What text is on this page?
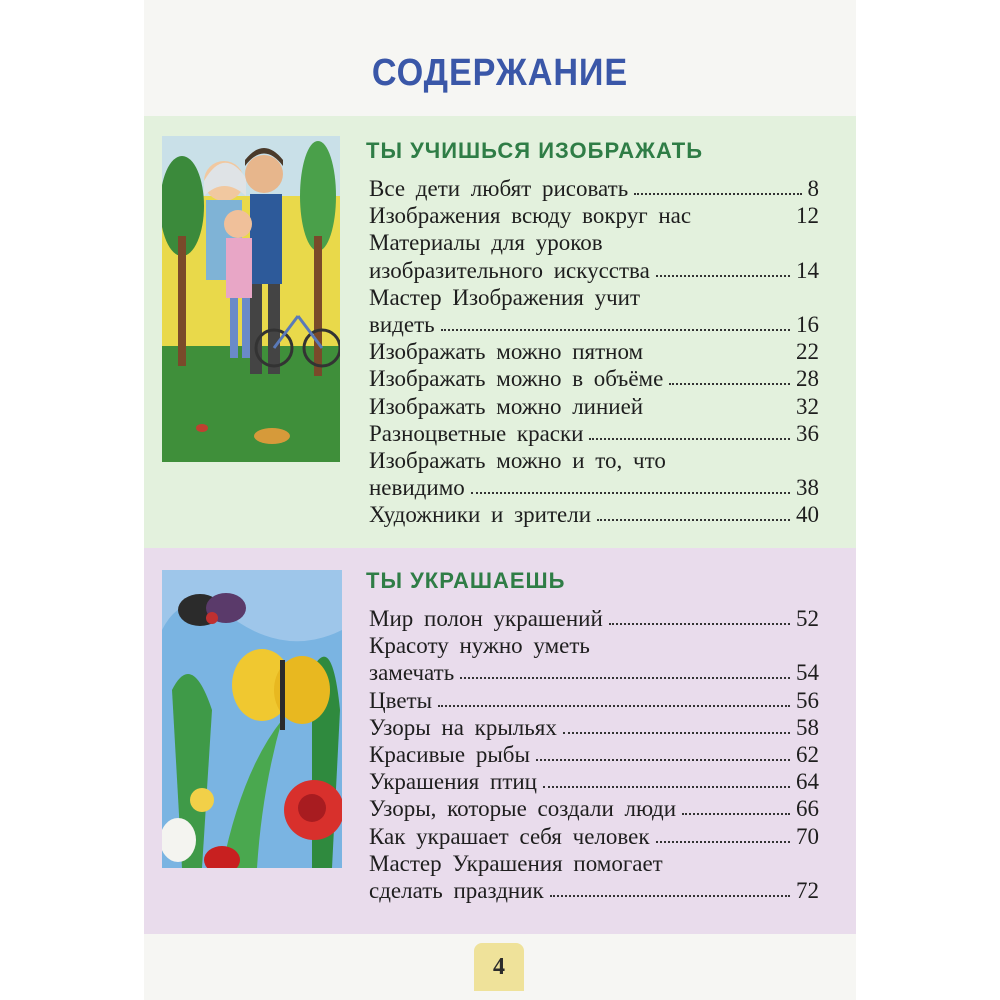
СОДЕРЖАНИЕ
ТЫ УЧИШЬСЯ ИЗОБРАЖАТЬ
Все дети любят рисовать	8
Изображения всюду вокруг нас	12
Материалы для уроков
изобразительного искусства	14
Мастер Изображения учит
видеть	16
Изображать можно пятном	22
Изображать можно в объёме	28
Изображать можно линией	32
Разноцветные краски	36
Изображать можно и то, что
невидимо	38
Художники и зрители	40
ТЫ УКРАШАЕШЬ
Мир полон украшений	52
Красоту нужно уметь
замечать	54
Цветы	56
Узоры на крыльях	58
Красивые рыбы	62
Украшения птиц	64
Узоры, которые создали люди	66
Как украшает себя человек	70
Мастер Украшения помогает
сделать праздник	72
4
